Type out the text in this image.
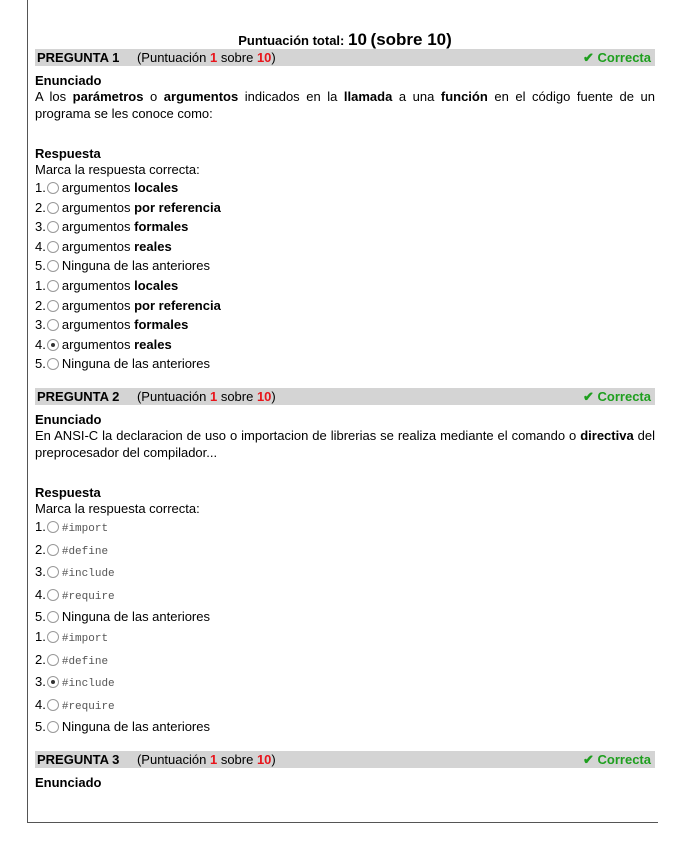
Puntuación total: 10 (sobre 10)
PREGUNTA 1 (Puntuación 1 sobre 10)	✔ Correcta
Enunciado
A los parámetros o argumentos indicados en la llamada a una función en el código fuente de un programa se les conoce como:
Respuesta
Marca la respuesta correcta:
1. argumentos locales
2. argumentos por referencia
3. argumentos formales
4. argumentos reales
5. Ninguna de las anteriores
1. argumentos locales
2. argumentos por referencia
3. argumentos formales
4. argumentos reales
5. Ninguna de las anteriores
PREGUNTA 2 (Puntuación 1 sobre 10)	✔ Correcta
Enunciado
En ANSI-C la declaracion de uso o importacion de librerias se realiza mediante el comando o directiva del preprocesador del compilador...
Respuesta
Marca la respuesta correcta:
1. #import
2. #define
3. #include
4. #require
5. Ninguna de las anteriores
1. #import
2. #define
3. #include
4. #require
5. Ninguna de las anteriores
PREGUNTA 3 (Puntuación 1 sobre 10)	✔ Correcta
Enunciado
